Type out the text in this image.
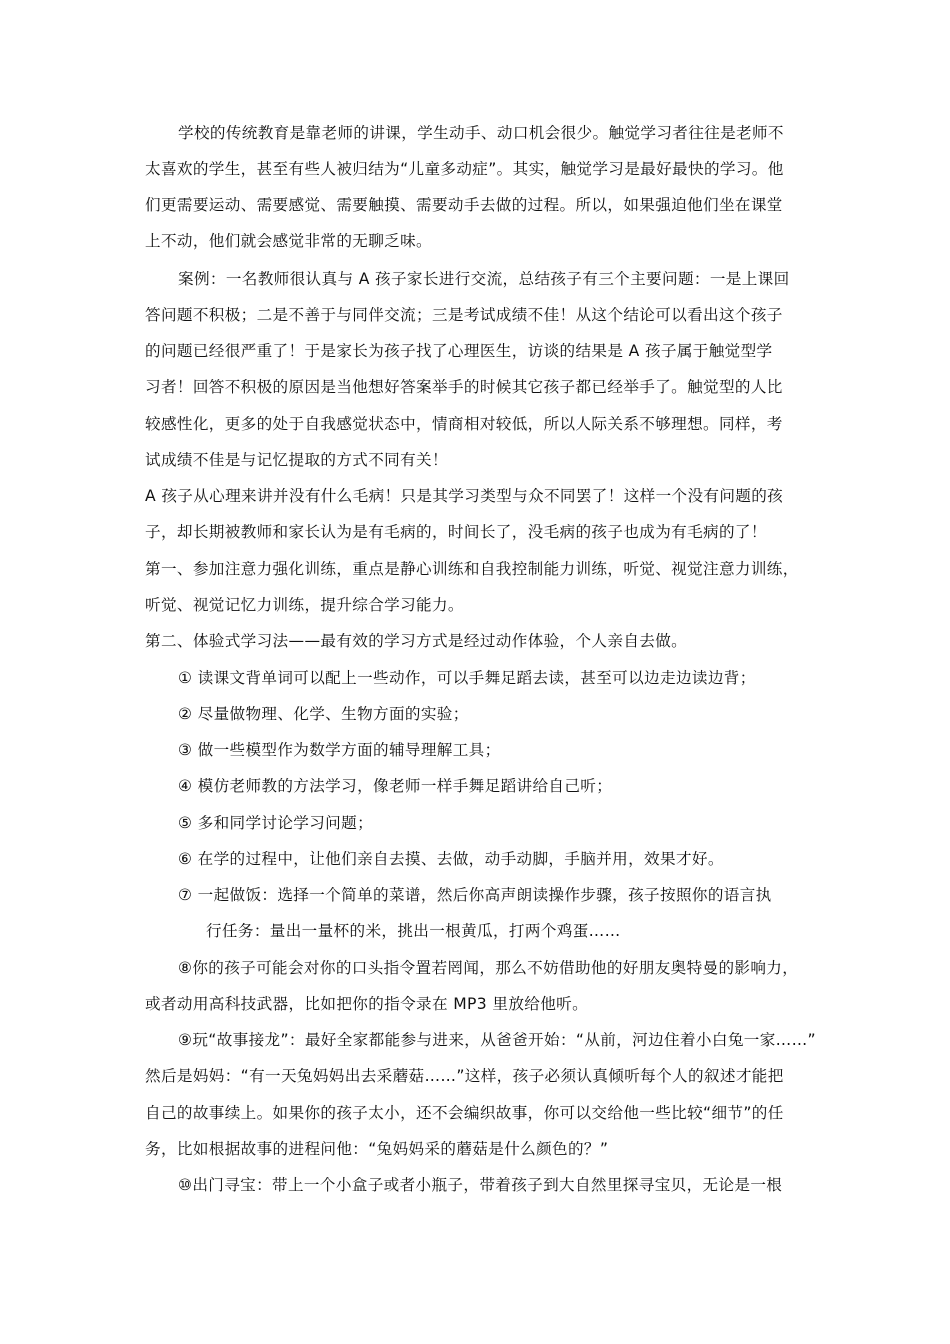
学校的传统教育是靠老师的讲课，学生动手、动口机会很少。触觉学习者往往是老师不
太喜欢的学生，甚至有些人被归结为“儿童多动症”。其实，触觉学习是最好最快的学习。他
们更需要运动、需要感觉、需要触摸、需要动手去做的过程。所以，如果强迫他们坐在课堂
上不动，他们就会感觉非常的无聊乏味。
案例：一名教师很认真与 A 孩子家长进行交流，总结孩子有三个主要问题：一是上课回
答问题不积极；二是不善于与同伴交流；三是考试成绩不佳！从这个结论可以看出这个孩子
的问题已经很严重了！于是家长为孩子找了心理医生，访谈的结果是 A 孩子属于触觉型学
习者！回答不积极的原因是当他想好答案举手的时候其它孩子都已经举手了。触觉型的人比
较感性化，更多的处于自我感觉状态中，情商相对较低，所以人际关系不够理想。同样，考
试成绩不佳是与记忆提取的方式不同有关！
A 孩子从心理来讲并没有什么毛病！只是其学习类型与众不同罢了！这样一个没有问题的孩
子，却长期被教师和家长认为是有毛病的，时间长了，没毛病的孩子也成为有毛病的了！
第一、参加注意力强化训练，重点是静心训练和自我控制能力训练，听觉、视觉注意力训练，
听觉、视觉记忆力训练，提升综合学习能力。
第二、体验式学习法——最有效的学习方式是经过动作体验，个人亲自去做。
① 读课文背单词可以配上一些动作，可以手舞足蹈去读，甚至可以边走边读边背；
② 尽量做物理、化学、生物方面的实验；
③ 做一些模型作为数学方面的辅导理解工具；
④ 模仿老师教的方法学习，像老师一样手舞足蹈讲给自己听；
⑤ 多和同学讨论学习问题；
⑥ 在学的过程中，让他们亲自去摸、去做，动手动脚，手脑并用，效果才好。
⑦ 一起做饭：选择一个简单的菜谱，然后你高声朗读操作步骤，孩子按照你的语言执
行任务：量出一量杯的米，挑出一根黄瓜，打两个鸡蛋……
⑧你的孩子可能会对你的口头指令置若罔闻，那么不妨借助他的好朋友奥特曼的影响力，
或者动用高科技武器，比如把你的指令录在 MP3 里放给他听。
⑨玩“故事接龙”：最好全家都能参与进来，从爸爸开始：“从前，河边住着小白兔一家……”
然后是妈妈：“有一天兔妈妈出去采蘑菇……”这样，孩子必须认真倾听每个人的叙述才能把
自己的故事续上。如果你的孩子太小，还不会编织故事，你可以交给他一些比较“细节”的任
务，比如根据故事的进程问他：“兔妈妈采的蘑菇是什么颜色的？”
⑩出门寻宝：带上一个小盒子或者小瓶子，带着孩子到大自然里探寻宝贝，无论是一根
